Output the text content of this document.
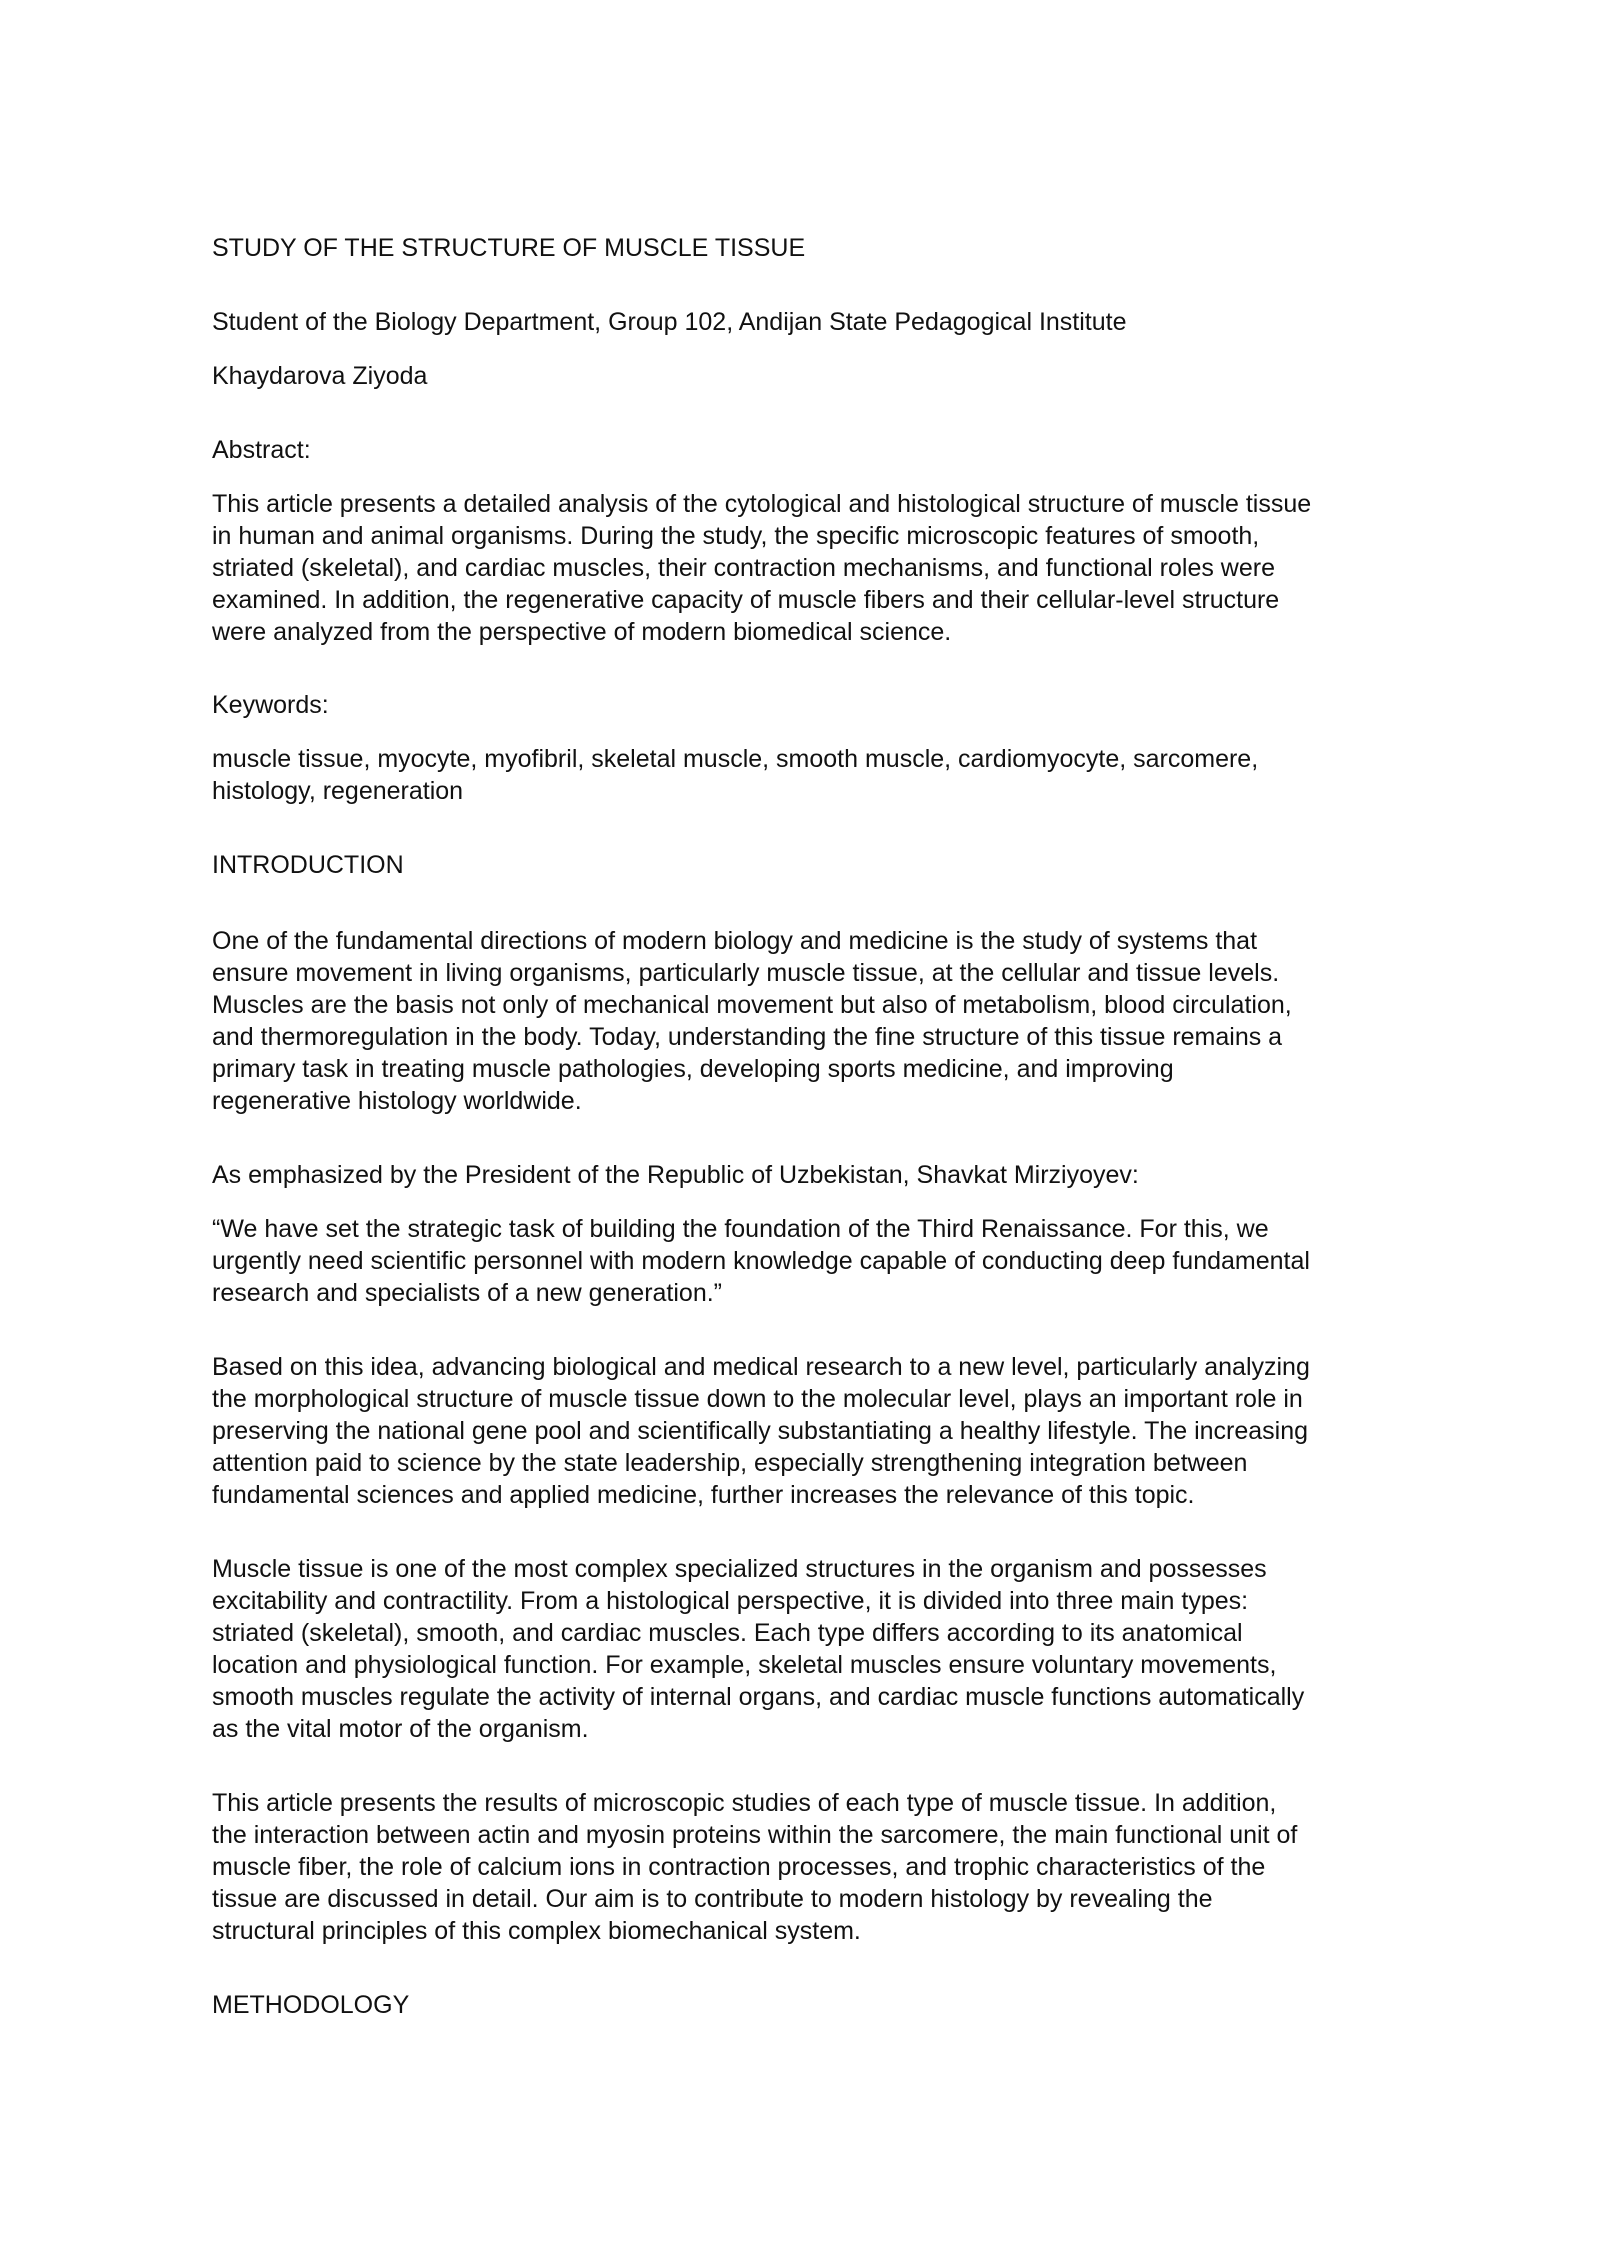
STUDY OF THE STRUCTURE OF MUSCLE TISSUE

Student of the Biology Department, Group 102, Andijan State Pedagogical Institute

Khaydarova Ziyoda

Abstract:

This article presents a detailed analysis of the cytological and histological structure of muscle tissue
in human and animal organisms. During the study, the specific microscopic features of smooth,
striated (skeletal), and cardiac muscles, their contraction mechanisms, and functional roles were
examined. In addition, the regenerative capacity of muscle fibers and their cellular-level structure
were analyzed from the perspective of modern biomedical science.

Keywords:

muscle tissue, myocyte, myofibril, skeletal muscle, smooth muscle, cardiomyocyte, sarcomere,
histology, regeneration

INTRODUCTION

One of the fundamental directions of modern biology and medicine is the study of systems that
ensure movement in living organisms, particularly muscle tissue, at the cellular and tissue levels.
Muscles are the basis not only of mechanical movement but also of metabolism, blood circulation,
and thermoregulation in the body. Today, understanding the fine structure of this tissue remains a
primary task in treating muscle pathologies, developing sports medicine, and improving
regenerative histology worldwide.

As emphasized by the President of the Republic of Uzbekistan, Shavkat Mirziyoyev:

“We have set the strategic task of building the foundation of the Third Renaissance. For this, we
urgently need scientific personnel with modern knowledge capable of conducting deep fundamental
research and specialists of a new generation.”
Based on this idea, advancing biological and medical research to a new level, particularly analyzing
the morphological structure of muscle tissue down to the molecular level, plays an important role in
preserving the national gene pool and scientifically substantiating a healthy lifestyle. The increasing
attention paid to science by the state leadership, especially strengthening integration between
fundamental sciences and applied medicine, further increases the relevance of this topic.
Muscle tissue is one of the most complex specialized structures in the organism and possesses
excitability and contractility. From a histological perspective, it is divided into three main types:
striated (skeletal), smooth, and cardiac muscles. Each type differs according to its anatomical
location and physiological function. For example, skeletal muscles ensure voluntary movements,
smooth muscles regulate the activity of internal organs, and cardiac muscle functions automatically
as the vital motor of the organism.
This article presents the results of microscopic studies of each type of muscle tissue. In addition,
the interaction between actin and myosin proteins within the sarcomere, the main functional unit of
muscle fiber, the role of calcium ions in contraction processes, and trophic characteristics of the
tissue are discussed in detail. Our aim is to contribute to modern histology by revealing the
structural principles of this complex biomechanical system.

METHODOLOGY
